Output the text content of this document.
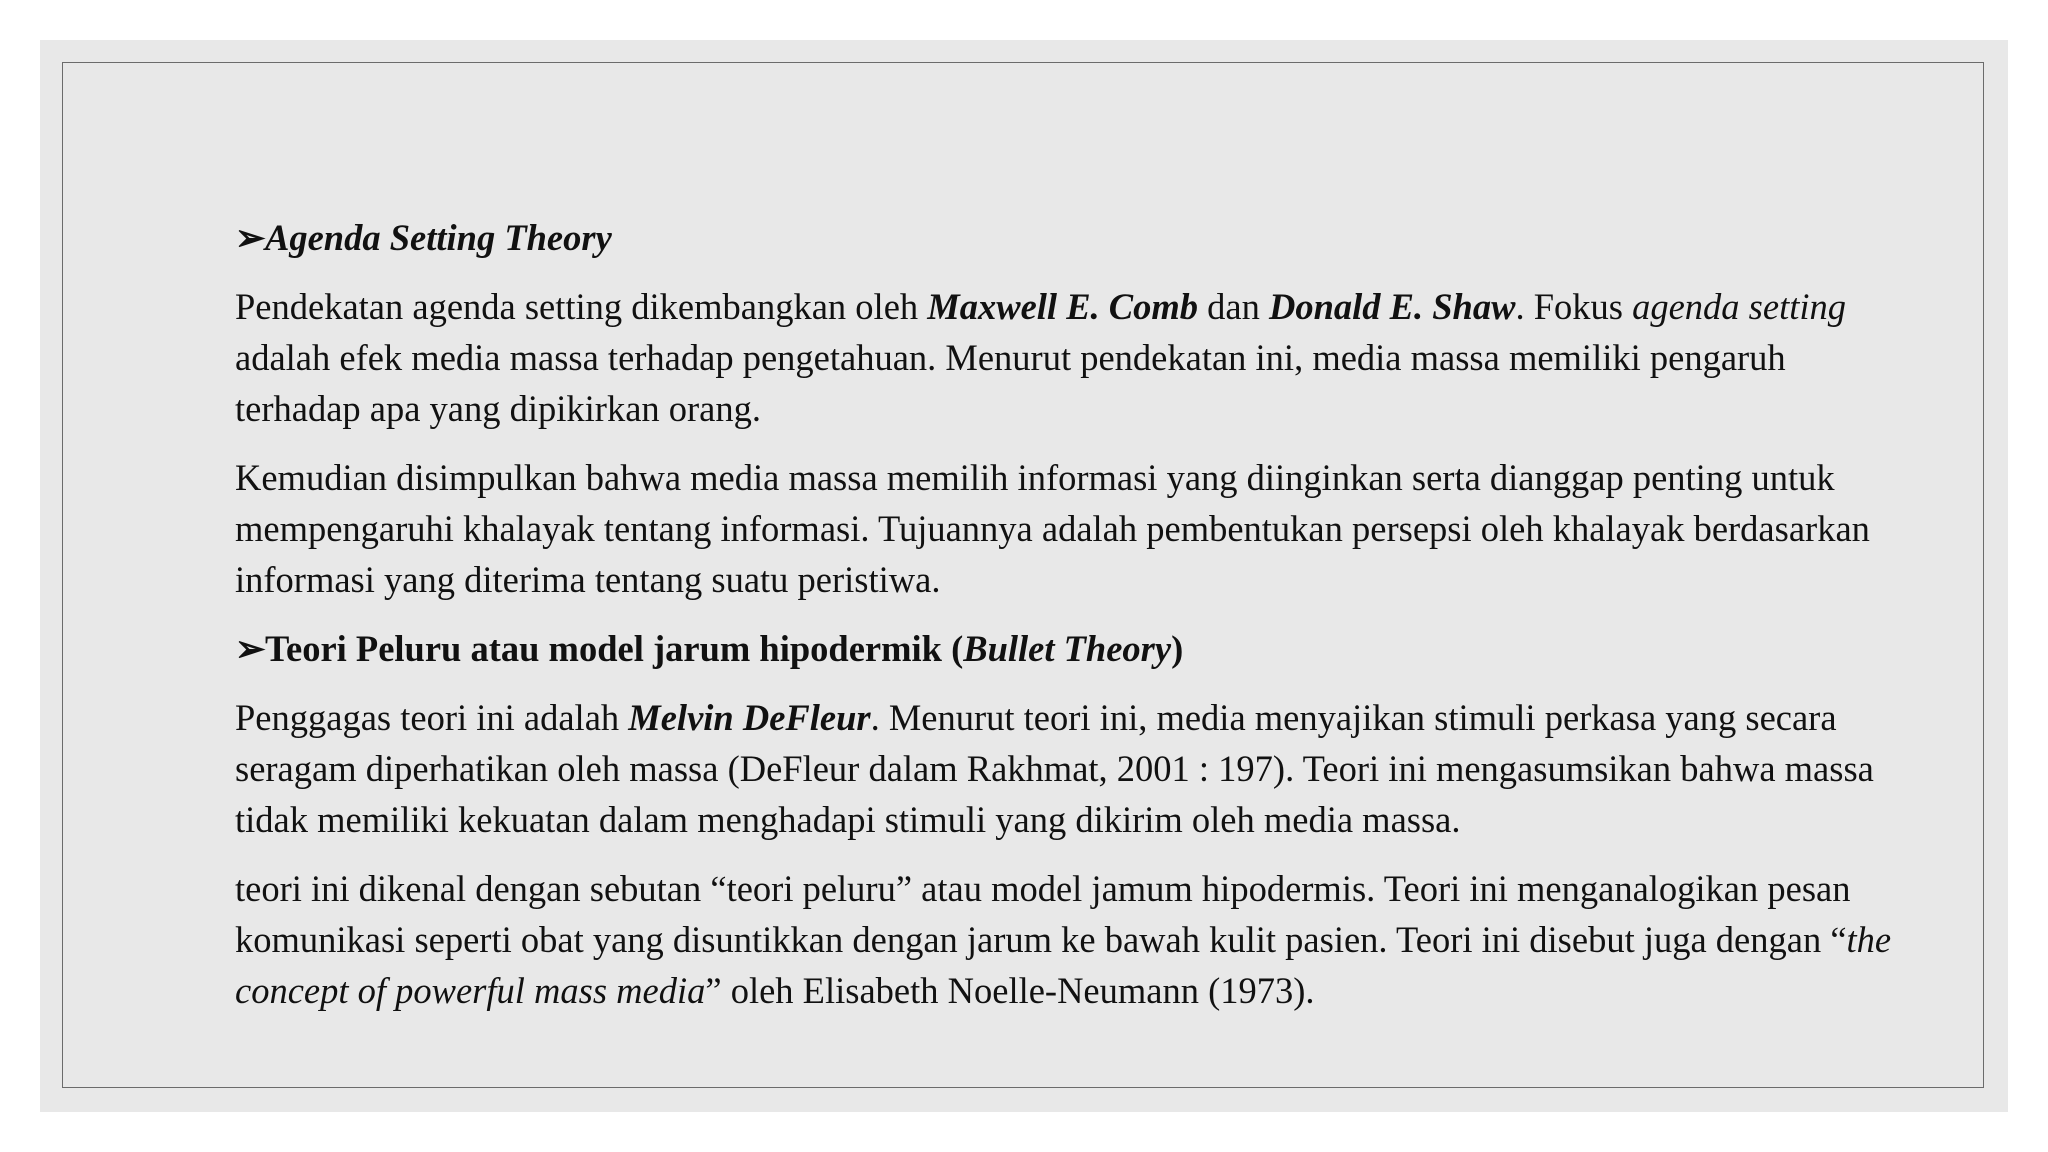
➢Agenda Setting Theory

Pendekatan agenda setting dikembangkan oleh Maxwell E. Comb dan Donald E. Shaw. Fokus agenda setting adalah efek media massa terhadap pengetahuan. Menurut pendekatan ini, media massa memiliki pengaruh terhadap apa yang dipikirkan orang.

Kemudian disimpulkan bahwa media massa memilih informasi yang diinginkan serta dianggap penting untuk mempengaruhi khalayak tentang informasi. Tujuannya adalah pembentukan persepsi oleh khalayak berdasarkan informasi yang diterima tentang suatu peristiwa.

➢Teori Peluru atau model jarum hipodermik (Bullet Theory)

Penggagas teori ini adalah Melvin DeFleur. Menurut teori ini, media menyajikan stimuli perkasa yang secara seragam diperhatikan oleh massa (DeFleur dalam Rakhmat, 2001 : 197). Teori ini mengasumsikan bahwa massa tidak memiliki kekuatan dalam menghadapi stimuli yang dikirim oleh media massa.

teori ini dikenal dengan sebutan “teori peluru” atau model jamum hipodermis. Teori ini menganalogikan pesan komunikasi seperti obat yang disuntikkan dengan jarum ke bawah kulit pasien. Teori ini disebut juga dengan “the concept of powerful mass media” oleh Elisabeth Noelle-Neumann (1973).
